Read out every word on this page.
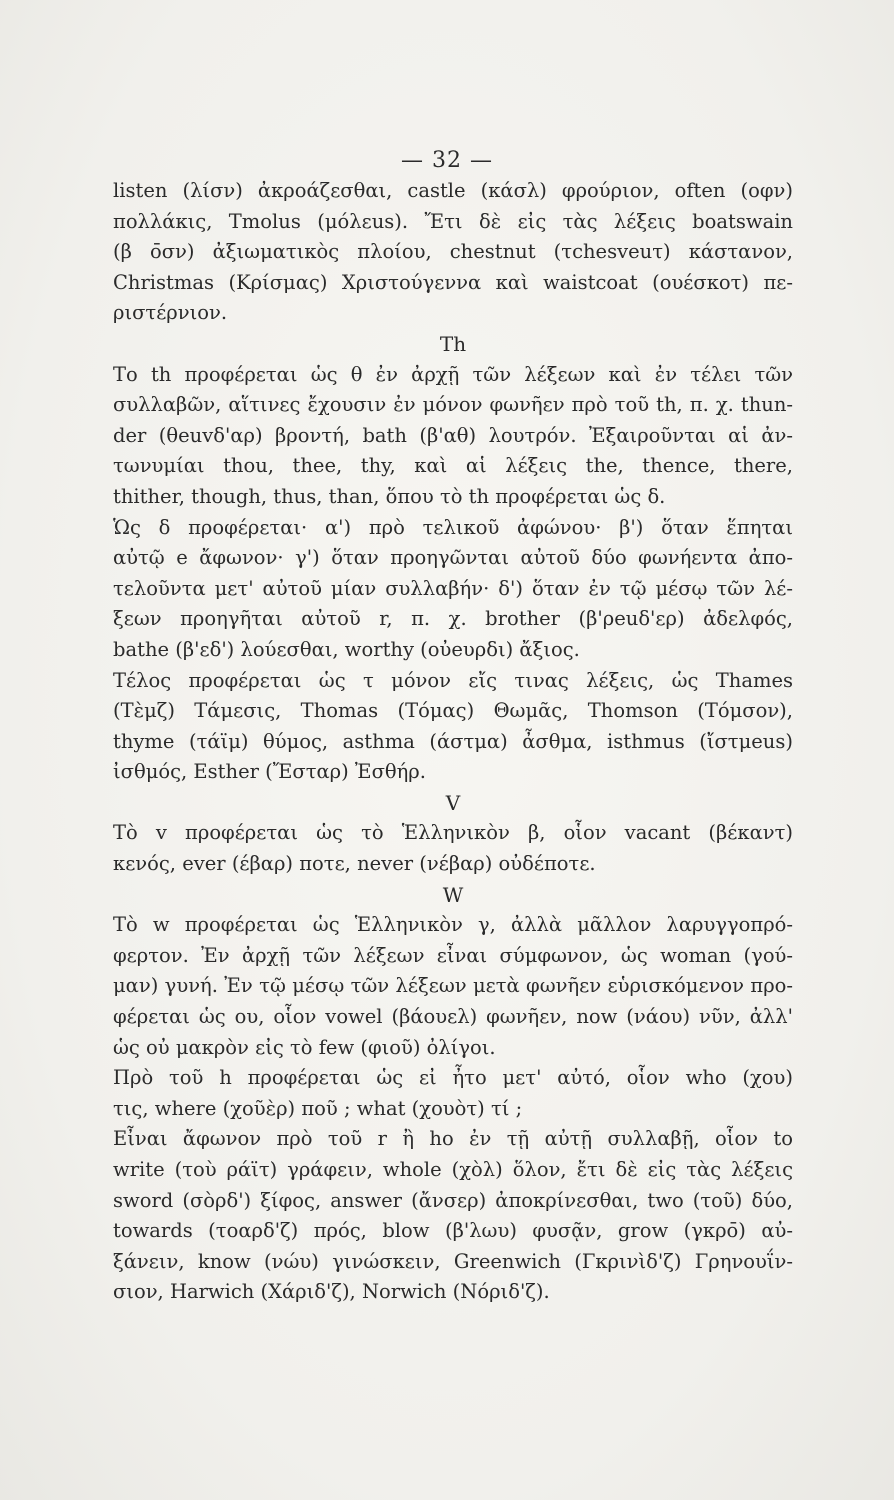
— 32 —
listen (λίσν) ἀκροάζεσθαι, castle (κάσλ) φρούριον, often (οφν)
πολλάκις, Tmolus (μόλεus). Ἔτι δὲ εἰς τὰς λέξεις boatswain
(β ο̄σν) ἀξιωματικὸς πλοίου, chestnut (τchesveuτ) κάστανον,
Christmas (Κρίσμας) Χριστούγεννα καὶ waistcoat (ουέσκοτ) πε-
ριστέρνιον.
Th
Το th προφέρεται ὡς θ ἐν ἀρχῇ τῶν λέξεων καὶ ἐν τέλει τῶν
συλλαβῶν, αἵτινες ἔχουσιν ἐν μόνον φωνῆεν πρὸ τοῦ th, π. χ. thun-
der (θeuvδ'αρ) βροντή, bath (β'αθ) λουτρόν. Ἐξαιροῦνται αἱ ἀν-
τωνυμίαι thou, thee, thy, καὶ αἱ λέξεις the, thence, there,
thither, though, thus, than, ὅπου τὸ th προφέρεται ὡς δ.
Ὡς δ προφέρεται· α') πρὸ τελικοῦ ἀφώνου· β') ὅταν ἕπηται
αὐτῷ e ἄφωνον· γ') ὅταν προηγῶνται αὐτοῦ δύο φωνήεντα ἀπο-
τελοῦντα μετ' αὐτοῦ μίαν συλλαβήν· δ') ὅταν ἐν τῷ μέσῳ τῶν λέ-
ξεων προηγῆται αὐτοῦ r, π. χ. brother (β'ρeuδ'ερ) ἀδελφός,
bathe (β'εδ') λούεσθαι, worthy (οὐeυρδι) ἄξιος.
Τέλος προφέρεται ὡς τ μόνον εἴς τινας λέξεις, ὡς Thames
(Τὲμζ) Τάμεσις, Thomas (Τόμας) Θωμᾶς, Thomson (Τόμσον),
thyme (τάϊμ) θύμος, asthma (άστμα) ἆσθμα, isthmus (ἴστμeus)
ἰσθμός, Esther (Ἔσταρ) Ἐσθήρ.
V
Τὸ v προφέρεται ὡς τὸ Ἑλληνικὸν β, οἷον vacant (βέκαντ)
κενός, ever (έβαρ) ποτε, never (νέβαρ) οὐδέποτε.
W
Τὸ w προφέρεται ὡς Ἑλληνικὸν γ, ἀλλὰ μᾶλλον λαρυγγοπρό-
φερτον. Ἐν ἀρχῇ τῶν λέξεων εἶναι σύμφωνον, ὡς woman (γού-
μαν) γυνή. Ἐν τῷ μέσῳ τῶν λέξεων μετὰ φωνῆεν εὑρισκόμενον προ-
φέρεται ὡς ου, οἷον vowel (βάουελ) φωνῆεν, now (νάου) νῦν, ἀλλ'
ὡς οὐ μακρὸν εἰς τὸ few (φιοῦ) ὀλίγοι.
Πρὸ τοῦ h προφέρεται ὡς εἰ ἦτο μετ' αὐτό, οἷον who (χου)
τις, where (χοῦὲρ) ποῦ ; what (χουὸτ) τί ;
Εἶναι ἄφωνον πρὸ τοῦ r ἢ ho ἐν τῇ αὐτῇ συλλαβῇ, οἷον to
write (τοὺ ράϊτ) γράφειν, whole (χὸλ) ὅλον, ἔτι δὲ εἰς τὰς λέξεις
sword (σὸρδ') ξίφος, answer (ἄνσερ) ἀποκρίνεσθαι, two (τοῦ) δύο,
towards (τοαρδ'ζ) πρός, blow (β'λωυ) φυσᾷν, grow (γκρο̄) αὐ-
ξάνειν, know (νώυ) γινώσκειν, Greenwich (Γκρινὶδ'ζ) Γρηνουΐν-
σιον, Harwich (Χάριδ'ζ), Norwich (Νόριδ'ζ).
